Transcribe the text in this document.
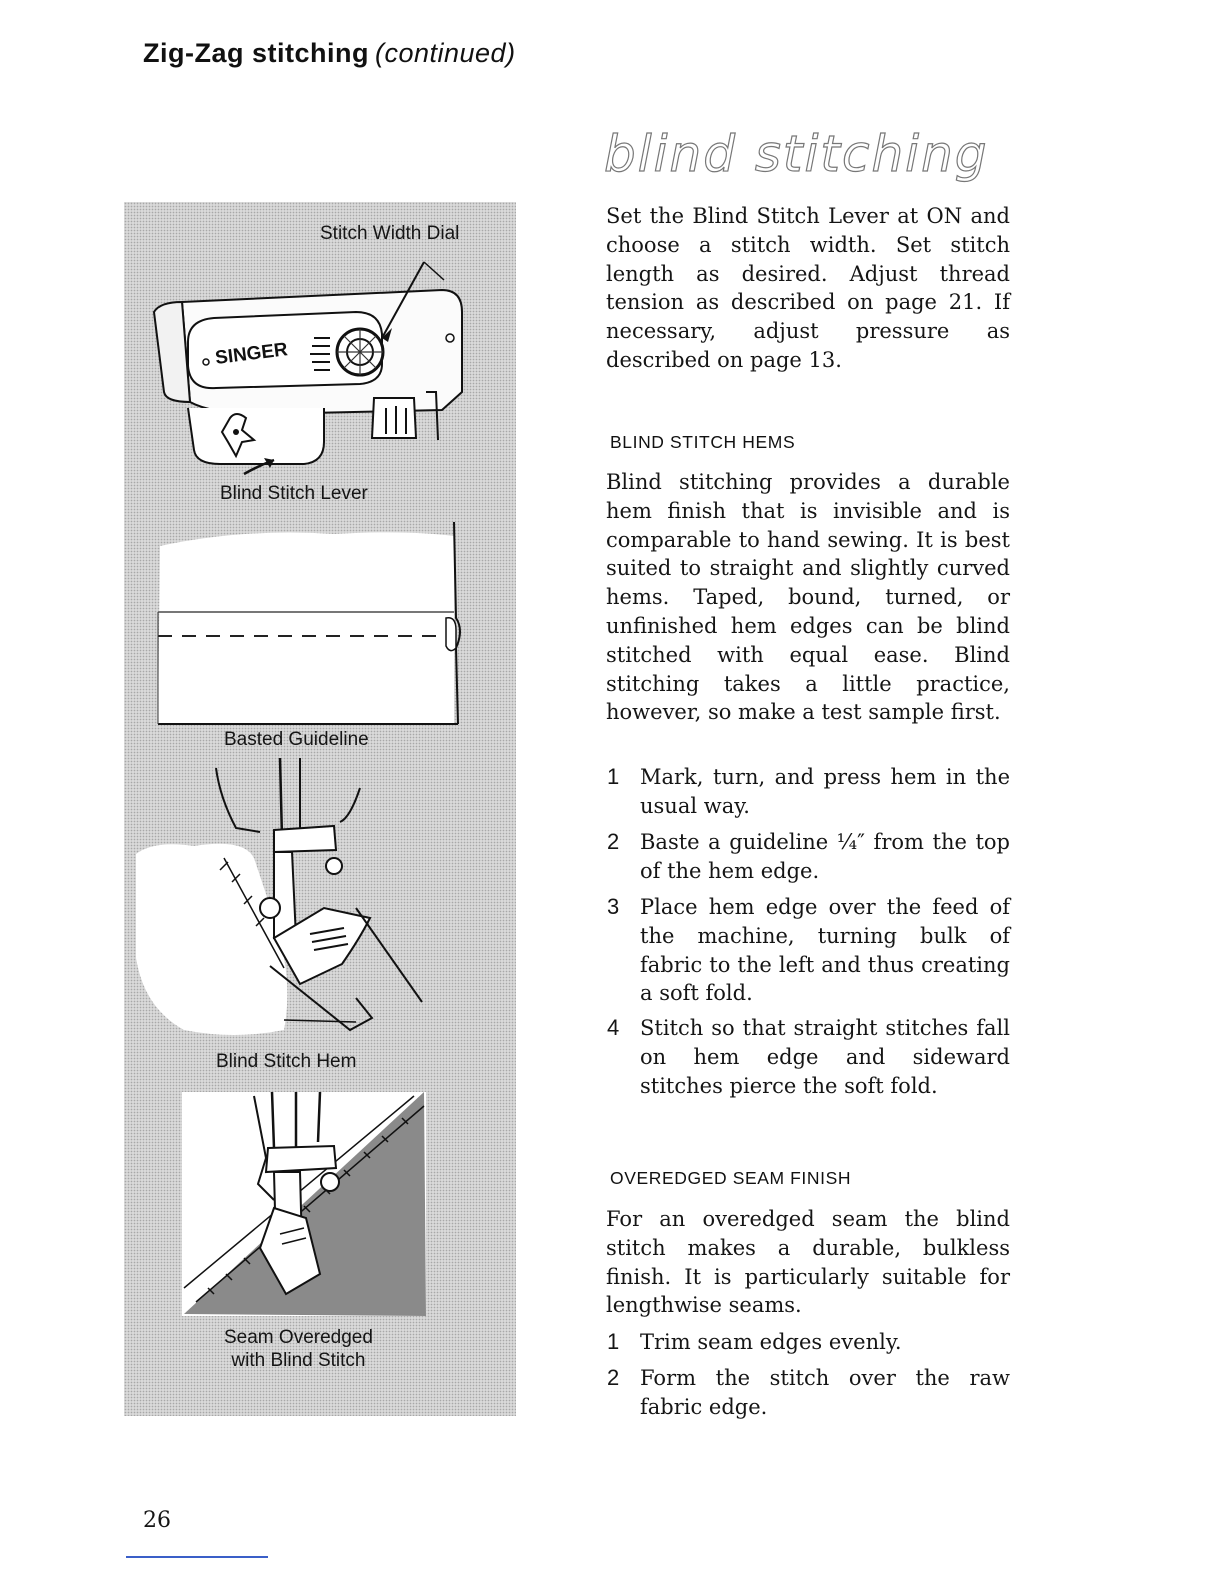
Zig-Zag stitching (continued)
Stitch Width Dial
SINGER
Blind Stitch Lever
Basted Guideline
Blind Stitch Hem
Seam Overedged
with Blind Stitch
blind stitching
Set the Blind Stitch Lever at ON and choose a stitch width. Set stitch length as desired. Adjust thread tension as described on page 21. If necessary, adjust pressure as described on page 13.
BLIND STITCH HEMS
Blind stitching provides a durable hem finish that is invisible and is comparable to hand sewing. It is best suited to straight and slightly curved hems. Taped, bound, turned, or unfinished hem edges can be blind stitched with equal ease. Blind stitching takes a little practice, however, so make a test sample first.
1 Mark, turn, and press hem in the usual way.
2 Baste a guideline ¼″ from the top of the hem edge.
3 Place hem edge over the feed of the machine, turning bulk of fabric to the left and thus creating a soft fold.
4 Stitch so that straight stitches fall on hem edge and sideward stitches pierce the soft fold.
OVEREDGED SEAM FINISH
For an overedged seam the blind stitch makes a durable, bulkless finish. It is particularly suitable for lengthwise seams.
1 Trim seam edges evenly.
2 Form the stitch over the raw fabric edge.
26
